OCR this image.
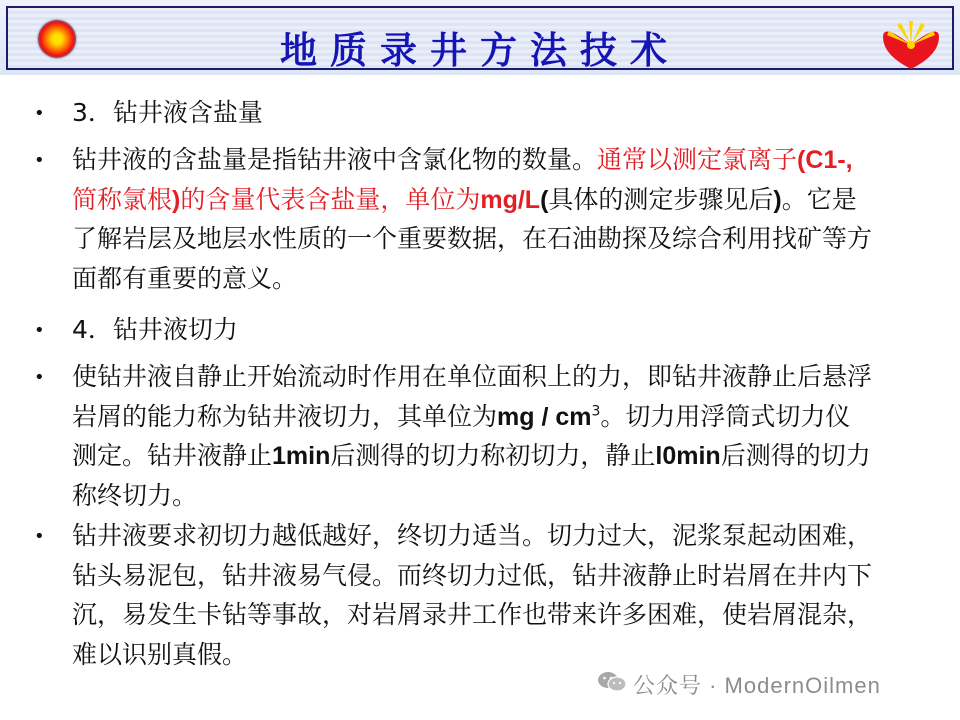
地质录井方法技术
• 3．钻井液含盐量
• 钻井液的含盐量是指钻井液中含氯化物的数量。通常以测定氯离子(C1-,
简称氯根)的含量代表含盐量，单位为mg/L(具体的测定步骤见后)。它是
了解岩层及地层水性质的一个重要数据，在石油勘探及综合利用找矿等方
面都有重要的意义。
• 4．钻井液切力
• 使钻井液自静止开始流动时作用在单位面积上的力，即钻井液静止后悬浮
岩屑的能力称为钻井液切力，其单位为mg / $cm^3$。切力用浮筒式切力仪
测定。钻井液静止1min后测得的切力称初切力，静止l0min后测得的切力
称终切力。
• 钻井液要求初切力越低越好，终切力适当。切力过大，泥浆泵起动困难，
钻头易泥包，钻井液易气侵。而终切力过低，钻井液静止时岩屑在井内下
沉，易发生卡钻等事故，对岩屑录井工作也带来许多困难，使岩屑混杂，
难以识别真假。
公众号 · ModernOilmen
